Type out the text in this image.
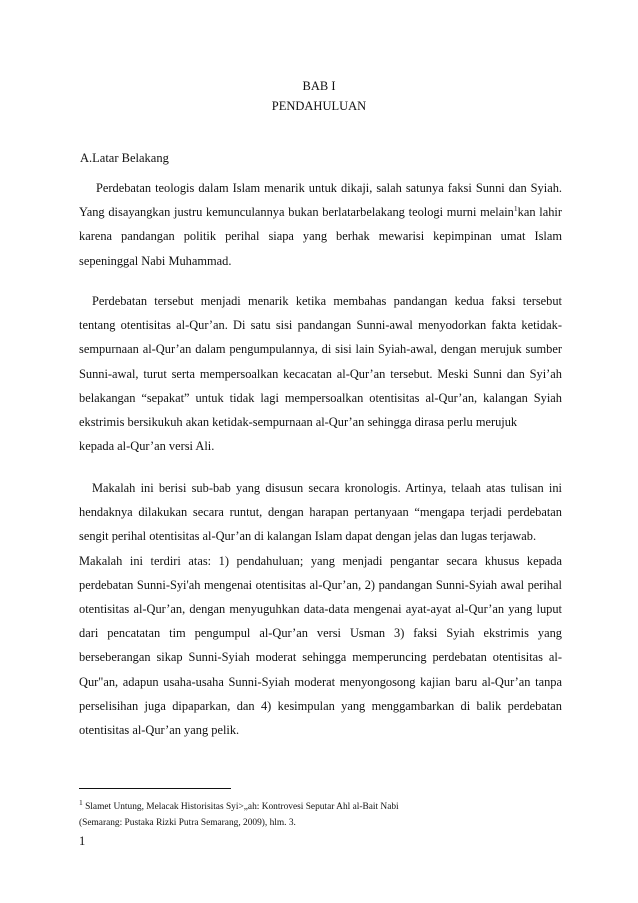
BAB I
PENDAHULUAN
A.Latar Belakang

Perdebatan teologis dalam Islam menarik untuk dikaji, salah satunya faksi Sunni dan Syiah. Yang disayangkan justru kemunculannya bukan berlatarbelakang teologi murni melain$^1$kan lahir karena pandangan politik perihal siapa yang berhak mewarisi kepimpinan umat Islam sepeninggal Nabi Muhammad.

Perdebatan tersebut menjadi menarik ketika membahas pandangan kedua faksi tersebut tentang otentisitas al-Qur’an. Di satu sisi pandangan Sunni-awal menyodorkan fakta ketidak-sempurnaan al-Qur’an dalam pengumpulannya, di sisi lain Syiah-awal, dengan merujuk sumber Sunni-awal, turut serta mempersoalkan kecacatan al-Qur’an tersebut. Meski Sunni dan Syi’ah belakangan “sepakat” untuk tidak lagi mempersoalkan otentisitas al-Qur’an, kalangan Syiah ekstrimis bersikukuh akan ketidak-sempurnaan al-Qur’an sehingga dirasa perlu merujuk
kepada al-Qur’an versi Ali.

Makalah ini berisi sub-bab yang disusun secara kronologis. Artinya, telaah atas tulisan ini hendaknya dilakukan secara runtut, dengan harapan pertanyaan “mengapa terjadi perdebatan sengit perihal otentisitas al-Qur’an di kalangan Islam dapat dengan jelas dan lugas terjawab.
Makalah ini terdiri atas: 1) pendahuluan; yang menjadi pengantar secara khusus kepada perdebatan Sunni-Syi'ah mengenai otentisitas al-Qur’an, 2) pandangan Sunni-Syiah awal perihal otentisitas al-Qur’an, dengan menyuguhkan data-data mengenai ayat-ayat al-Qur’an yang luput dari pencatatan tim pengumpul al-Qur’an versi Usman 3) faksi Syiah ekstrimis yang berseberangan sikap Sunni-Syiah moderat sehingga memperuncing perdebatan otentisitas al-Qur"an, adapun usaha-usaha Sunni-Syiah moderat menyongosong kajian baru al-Qur’an tanpa perselisihan juga dipaparkan, dan 4) kesimpulan yang menggambarkan di balik perdebatan otentisitas al-Qur’an yang pelik.

$^1$ Slamet Untung, Melacak Historisitas Syi>„ah: Kontrovesi Seputar Ahl al-Bait Nabi
(Semarang: Pustaka Rizki Putra Semarang, 2009), hlm. 3.
1
